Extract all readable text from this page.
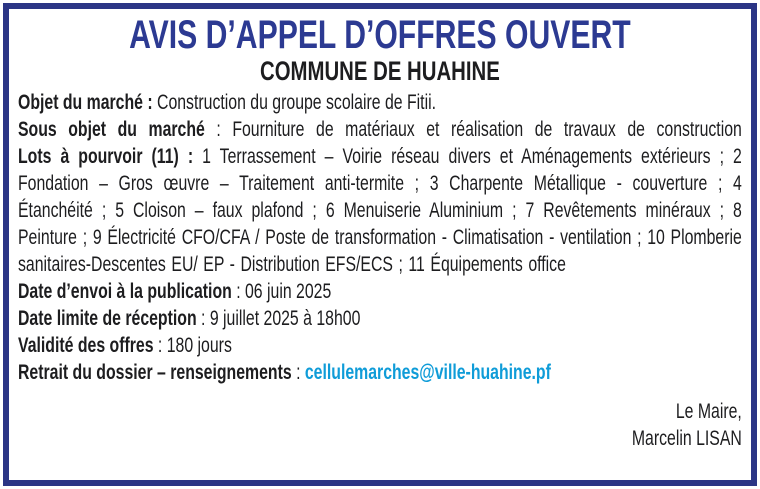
AVIS D’APPEL D’OFFRES OUVERT
COMMUNE DE HUAHINE

Objet du marché : Construction du groupe scolaire de Fitii.

Sous objet du marché : Fourniture de matériaux et réalisation de travaux de construction

Lots à pourvoir (11) : 1 Terrassement – Voirie réseau divers et Aménagements extérieurs ; 2 Fondation – Gros œuvre – Traitement anti-termite ; 3 Charpente Métallique - couverture ; 4 Étanchéité ; 5 Cloison – faux plafond ; 6 Menuiserie Aluminium ; 7 Revêtements minéraux ; 8 Peinture ; 9 Électricité CFO/CFA / Poste de transformation - Climatisation - ventilation ; 10 Plomberie sanitaires-Descentes EU/ EP - Distribution EFS/ECS ; 11 Équipements office

Date d’envoi à la publication : 06 juin 2025

Date limite de réception : 9 juillet 2025 à 18h00

Validité des offres : 180 jours

Retrait du dossier – renseignements : cellulemarches@ville-huahine.pf

Le Maire,
Marcelin LISAN
